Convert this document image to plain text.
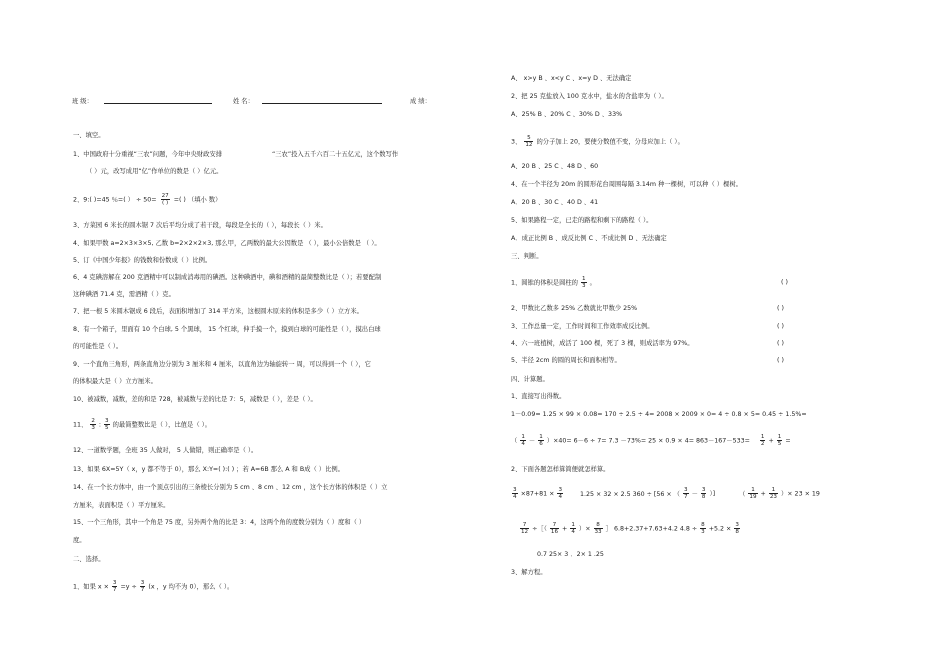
班 级：	姓 名：	成 绩：
一、填空。
1、中国政府十分重视“三农”问题，今年中央财政安排	“三农”投入五千六百二十五亿元，这个数写作
（ ）元，改写成用“亿”作单位的数是（ ）亿元。
2、9:( )=45 ％=( ） ÷ $50= \frac{27}{( )}$ =( ) （填小 数）
3、方菜园 6 米长的圆木锯 7 次后平均分成了若干段，每段是全长的（ ），每段长（ ）米。
4、如果甲数 a=2×3×3×5, 乙数 b=2×2×2×3, 那么甲，乙两数的最大公因数是 （ ），最小公倍数是 （ ）。
5、订《中国少年报》的钱数和份数成（ ）比例。
6、4 克碘溶解在 200 克酒精中可以制成消毒用的碘酒。这种碘酒中，碘和酒精的最简整数比是（ ）；若要配制
这种碘酒 71.4 克，需酒精（ ）克。
7、把一根 5 米圆木锯成 6 段后，表面积增加了 314 平方米，这根圆木原来的体积是多少（ ）立方米。
8、有一个箱子，里面有 10 个白球, 5 个黑球， 15 个红球，伸手摸一个，摸到白球的可能性是（ ），摸出白球
的可能性是（ ）。
9、一个直角三角形，两条直角边分别为 3 厘米和 4 厘米，以直角边为轴旋转一 周，可以得到一个（ ），它
的体积最大是（ ）立方厘米。
10、被减数，减数，差的和是 728，被减数与差的比是 7：5，减数是（ ），差是（ ）。
11、 $\frac{2}{3}$ : $\frac{3}{5}$ 的最简整数比是（ ），比值是（ ）。
12、一道数学题，全班 35 人做对， 5 人做错，则正确率是（ ）。
13、如果 6X=5Y（ x，y 都不等于 0），那么 X:Y=( ):( ) ；若 A=6B 那么 A 和 B成（ ）比例。
14、在一个长方体中，由一个顶点引出的三条棱长分别为 5 cm 、8 cm 、12 cm ，这个长方体的体积是（ ）立
方厘米，表面积是（ ）平方厘米。
15、一个三角形，其中一个角是 75 度，另外两个角的比是 3：4，这两个角的度数分别为（ ）度和（ ）
度。
二、选择。
1、如果 $x \times \frac{3}{7} =y \div \frac{3}{7} (x$ ，y 均不为 0），那么（ ）。
A、 x>y B 、x<y C 、x=y D 、无法确定
2、把 25 克盐放入 100 克水中，盐水的含盐率为（ ）。
A、25% B 、20% C 、30% D 、33%
3、 $\frac{5}{12}$ 的分子加上 20，要使分数值不变，分母应加上（ ）。
A、20 B 、25 C 、48 D 、60
4、在一个半径为 20m 的圆形花台周围每隔 3.14m 种一棵树，可以种（ ）棵树。
A．20 B 、30 C 、40 D 、41
5、如果路程一定，已走的路程和剩下的路程（ ）。
A．成正比例 B 、成反比例 C 、不成比例 D 、无法确定
三、判断。
1、圆锥的体积是圆柱的 $\frac{1}{3}$ 。	( )
2、甲数比乙数多 25% 乙数就比甲数少 25%	( )
3、工作总量一定，工作时间和工作效率成反比例。	( )
4、六一班植树，成活了 100 棵，死了 3 棵，则成活率为 97%。	( )
5、半径 2cm 的圆的周长和面积相等。	( )
四、计算题。
1、直接写出得数。
1－0.09= 1.25 × 99 × 0.08= 170 ÷ 2.5 ÷ 4= 2008 × 2009 × 0= 4 ÷ 0.8 × 5= 0.45 ÷ 1.5%=
（ $\frac{1}{4} - \frac{1}{6} )\times 40= 6-6 \div 7= 7.3 -73\%= 25 \times 0.9 \times 4= 863-167-533= \frac{1}{2} + \frac{1}{5}$ =
2、下面各题怎样算简便就怎样算。
$\frac{3}{4} \times 87+81 \times \frac{3}{4}$	1.25 × 32 × 2.5 360 ÷ [56 × （ $\frac{3}{7} - \frac{3}{8}$ ）]	（ $\frac{1}{19} + \frac{1}{23}$ ）× 23 × 19
$\frac{7}{12}$ ÷［（ $\frac{7}{16} + \frac{1}{4}$ ）× $\frac{8}{33}$ ］ 6.8+2.37+7.63+4.2 $4.8 \div \frac{8}{3} +5.2 \times \frac{3}{8}$
0.7 25× 3 ．2× 1 .25
3、解方程。
